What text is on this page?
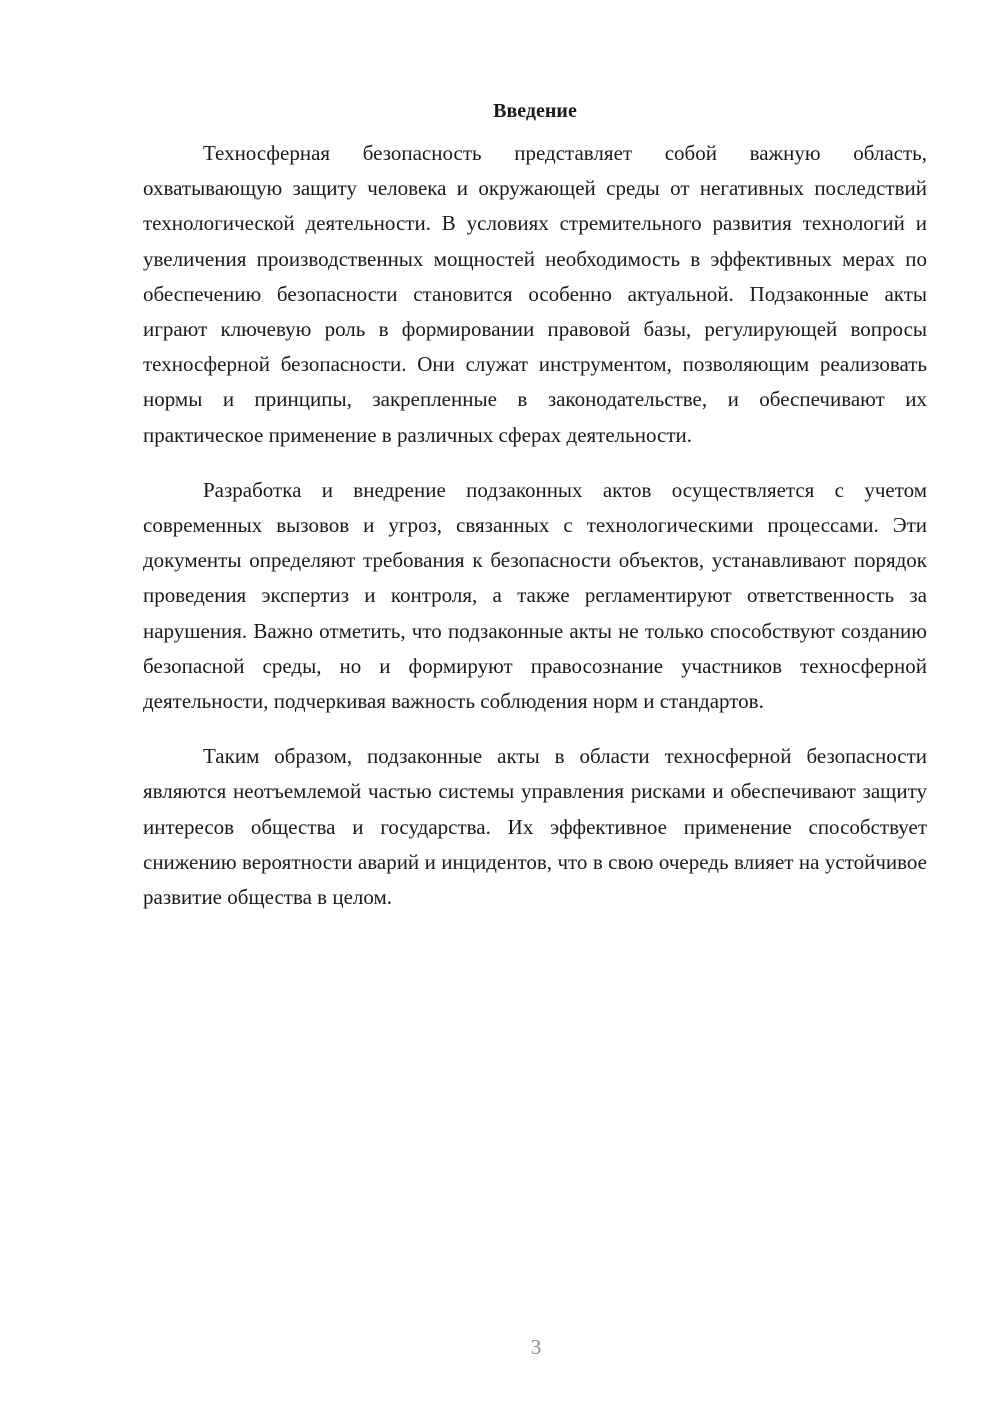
Введение

Техносферная безопасность представляет собой важную область, охватывающую защиту человека и окружающей среды от негативных последствий технологической деятельности. В условиях стремительного развития технологий и увеличения производственных мощностей необходимость в эффективных мерах по обеспечению безопасности становится особенно актуальной. Подзаконные акты играют ключевую роль в формировании правовой базы, регулирующей вопросы техносферной безопасности. Они служат инструментом, позволяющим реализовать нормы и принципы, закрепленные в законодательстве, и обеспечивают их практическое применение в различных сферах деятельности.

Разработка и внедрение подзаконных актов осуществляется с учетом современных вызовов и угроз, связанных с технологическими процессами. Эти документы определяют требования к безопасности объектов, устанавливают порядок проведения экспертиз и контроля, а также регламентируют ответственность за нарушения. Важно отметить, что подзаконные акты не только способствуют созданию безопасной среды, но и формируют правосознание участников техносферной деятельности, подчеркивая важность соблюдения норм и стандартов.

Таким образом, подзаконные акты в области техносферной безопасности являются неотъемлемой частью системы управления рисками и обеспечивают защиту интересов общества и государства. Их эффективное применение способствует снижению вероятности аварий и инцидентов, что в свою очередь влияет на устойчивое развитие общества в целом.

3
